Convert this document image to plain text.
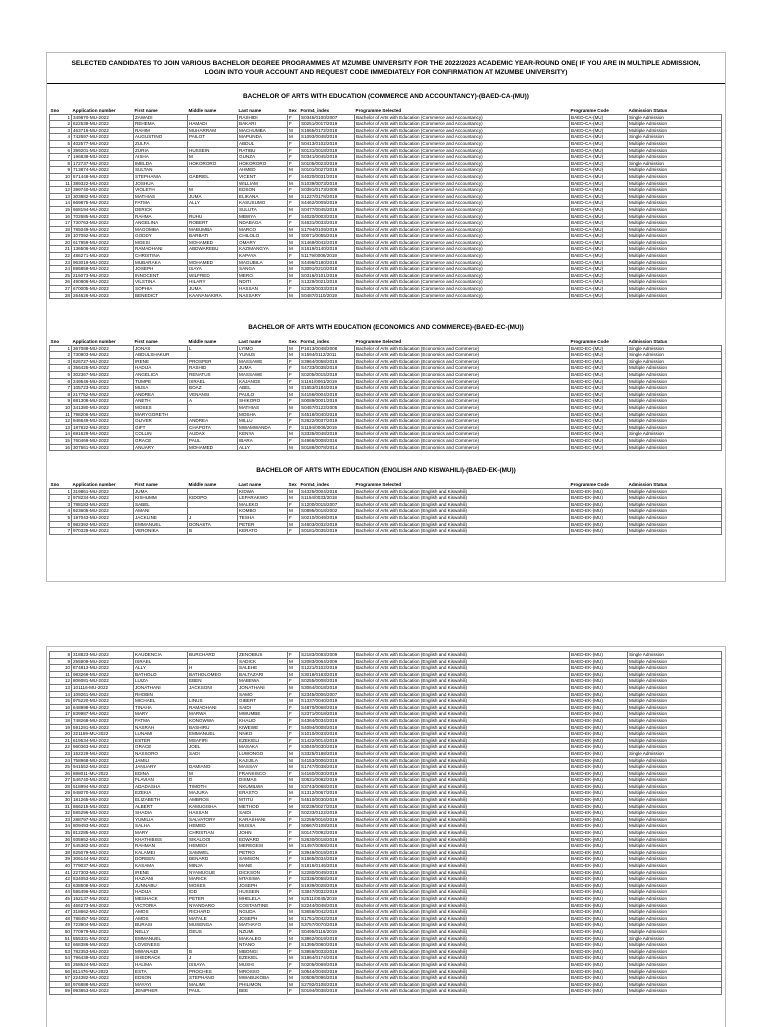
SELECTED CANDIDATES TO JOIN VARIOUS BACHELOR DEGREE PROGRAMMES AT MZUMBE UNIVERSITY FOR THE 2022/2023 ACADEMIC YEAR-ROUND ONE( IF YOU ARE IN MULTIPLE ADMISSION, LOGIN INTO YOUR ACCOUNT AND REQUEST CODE IMMEDIATELY FOR CONFIRMATION AT MZUMBE UNIVERSITY)

BACHELOR OF ARTS WITH EDUCATION (COMMERCE AND ACCOUNTANCY)-(BAED-CA-(MU))
Sno	Application number	First name	Middle name	Last name	Sex	Form4_index	Programme Selected	Programme Code	Admission Status
1	349870-MU-2022	ZAWADI		RASHIDI	F	S0345/0100/2007	Bachelor of Arts with Education (Commerce and Accountancy)	BAED-CA-(MU)	Single Admission
2	622539-MU-2022	REHEMA	HAMADI	BAKARI	F	S0251/0017/2019	Bachelor of Arts with Education (Commerce and Accountancy)	BAED-CA-(MU)	Multiple Admission
3	463716-MU-2022	RAHIM	MUHARRAM	MACHUMBA	M	S1665/0172/2018	Bachelor of Arts with Education (Commerce and Accountancy)	BAED-CA-(MU)	Multiple Admission
4	742697-MU-2022	AUGUSTINO	PAILOT	MAPUNDA	M	S1093/0048/2019	Bachelor of Arts with Education (Commerce and Accountancy)	BAED-CA-(MU)	Single Admission
5	402577-MU-2022	ZULFA		ABDUL	F	S0413/0102/2019	Bachelor of Arts with Education (Commerce and Accountancy)	BAED-CA-(MU)	Multiple Admission
6	399201-MU-2022	ZURIA	HUSSEIN	RATIBU	F	S0131/0018/2019	Bachelor of Arts with Education (Commerce and Accountancy)	BAED-CA-(MU)	Multiple Admission
7	196838-MU-2022	AISHA	M	GUNZA	F	S0341/0045/2019	Bachelor of Arts with Education (Commerce and Accountancy)	BAED-CA-(MU)	Multiple Admission
8	172737-MU-2022	IMELDA	HOKORORO	HOKORORO	F	S0105/0023/2019	Bachelor of Arts with Education (Commerce and Accountancy)	BAED-CA-(MU)	Single Admission
9	713874-MU-2022	SULTAN		AHMED	M	S0101/0027/2019	Bachelor of Arts with Education (Commerce and Accountancy)	BAED-CA-(MU)	Multiple Admission
10	571448-MU-2022	STEPHANIA	GABRIEL	VICENT	F	S4020/0031/2019	Bachelor of Arts with Education (Commerce and Accountancy)	BAED-CA-(MU)	Multiple Admission
11	389322-MU-2022	JOSHUA		WILLIAM	M	S1039/0073/2019	Bachelor of Arts with Education (Commerce and Accountancy)	BAED-CA-(MU)	Multiple Admission
12	399740-MU-2022	VIOLETH	M	EDSON	F	S0391/0173/2009	Bachelor of Arts with Education (Commerce and Accountancy)	BAED-CA-(MU)	Multiple Admission
13	303882-MU-2022	MATHIAS	JUMA	ELIKANA	M	S1227/0178/2019	Bachelor of Arts with Education (Commerce and Accountancy)	BAED-CA-(MU)	Multiple Admission
14	669875-MU-2022	FATMA	ALLY	KASUSUMO	F	S4462/0009/2019	Bachelor of Arts with Education (Commerce and Accountancy)	BAED-CA-(MU)	Multiple Admission
15	668194-MU-2022	DERICK		SULUTA	M	S0477/0045/2019	Bachelor of Arts with Education (Commerce and Accountancy)	BAED-CA-(MU)	Multiple Admission
16	702685-MU-2022	RAHMA	RUHU	MBWYA	F	S4020/0003/2019	Bachelor of Arts with Education (Commerce and Accountancy)	BAED-CA-(MU)	Multiple Admission
17	730763-MU-2022	ANGELINA	ROBERT	NDABAGA	F	S4631/0033/2019	Bachelor of Arts with Education (Commerce and Accountancy)	BAED-CA-(MU)	Multiple Admission
18	785049-MU-2022	MAGOMBA	MABUMBA	MARCO	M	S1794/0109/2019	Bachelor of Arts with Education (Commerce and Accountancy)	BAED-CA-(MU)	Multiple Admission
19	107092-MU-2022	GODDY	BARBATI	CHILOLO	M	S0071/0055/2019	Bachelor of Arts with Education (Commerce and Accountancy)	BAED-CA-(MU)	Multiple Admission
20	617859-MU-2022	MGESI	MOHAMED	OMARY	M	S1469/0042/2019	Bachelor of Arts with Education (Commerce and Accountancy)	BAED-CA-(MU)	Multiple Admission
21	136506-MU-2022	RAMADHANI	ABDWAREBU	KAZIMANGYA	M	S1619/0140/2019	Bachelor of Arts with Education (Commerce and Accountancy)	BAED-CA-(MU)	Multiple Admission
22	486271-MU-2022	CHRISTINA		KAPAYA	F	S1179/0006/2019	Bachelor of Arts with Education (Commerce and Accountancy)	BAED-CA-(MU)	Multiple Admission
23	963019-MU-2022	MUBARAKA	MOHAMED	MAGUBILA	M	S4496/0180/2018	Bachelor of Arts with Education (Commerce and Accountancy)	BAED-CA-(MU)	Multiple Admission
24	886859-MU-2022	JOSEPH	ISAYA	SANGA	M	S3091/0210/2018	Bachelor of Arts with Education (Commerce and Accountancy)	BAED-CA-(MU)	Multiple Admission
25	215073-MU-2022	INNOCENT	WILFRED	MERO	M	S0316/0101/2019	Bachelor of Arts with Education (Commerce and Accountancy)	BAED-CA-(MU)	Multiple Admission
26	490806-MU-2022	VILSTINA	HILARY	NDITI	F	S1329/0021/2019	Bachelor of Arts with Education (Commerce and Accountancy)	BAED-CA-(MU)	Multiple Admission
27	670005-MU-2022	SOPHIA	JUMA	HASSAN	F	S2303/0033/2019	Bachelor of Arts with Education (Commerce and Accountancy)	BAED-CA-(MU)	Multiple Admission
28	264626-MU-2022	BENEDICT	KAANANAKIRA	NASSARY	M	S0487/0110/2019	Bachelor of Arts with Education (Commerce and Accountancy)	BAED-CA-(MU)	Multiple Admission
BACHELOR OF ARTS WITH EDUCATION (ECONOMICS AND COMMERCE)-(BAED-EC-(MU))
Sno	Application number	First name	Middle name	Last name	Sex	Form4_index	Programme Selected	Programme Code	Admission Status
1	367088-MU-2022	JONAS	L	LYIMO	M	P1613/0048/2008	Bachelor of Arts with Education (Economics and Commerce)	BAED-EC-(MU)	Single Admission
2	730803-MU-2022	ABDULSHAKUR		YUNUS	M	S1594/0112/2011	Bachelor of Arts with Education (Economics and Commerce)	BAED-EC-(MU)	Single Admission
3	626727-MU-2022	IRENE	PROSPER	MASSAWE	F	S3964/0058/2019	Bachelor of Arts with Education (Economics and Commerce)	BAED-EC-(MU)	Single Admission
4	356425-MU-2022	HADIJA	RASHID	JUMA	F	S4733/0038/2019	Bachelor of Arts with Education (Economics and Commerce)	BAED-EC-(MU)	Multiple Admission
5	302367-MU-2022	ANGELICA	RENATUS	MASSAWE	F	S0205/0015/2019	Bachelor of Arts with Education (Economics and Commerce)	BAED-EC-(MU)	Multiple Admission
6	249546-MU-2022	TUMPE	ISRAEL	KAJANGE	F	S1161/0061/2019	Bachelor of Arts with Education (Economics and Commerce)	BAED-EC-(MU)	Multiple Admission
7	105723-MU-2022	MUSA	BOAZ	ABEL	M	S1653/0184/2019	Bachelor of Arts with Education (Economics and Commerce)	BAED-EC-(MU)	Multiple Admission
8	217752-MU-2022	ANDREA	VENANSI	PAULO	M	S4156/0004/2019	Bachelor of Arts with Education (Economics and Commerce)	BAED-EC-(MU)	Multiple Admission
9	681308-MU-2022	ANETH	A	SHIKORO	F	S0089/0001/2019	Bachelor of Arts with Education (Economics and Commerce)	BAED-EC-(MU)	Multiple Admission
10	341380-MU-2022	MOSES		MATHIAS	M	S0457/0122/2005	Bachelor of Arts with Education (Economics and Commerce)	BAED-EC-(MU)	Multiple Admission
11	798206-MU-2022	MARYGORETH		MOSHA	F	S4518/0040/2018	Bachelor of Arts with Education (Economics and Commerce)	BAED-EC-(MU)	Multiple Admission
12	946649-MU-2022	OLIVER	ANDREA	MILLU	F	S2622/0037/2019	Bachelor of Arts with Education (Economics and Commerce)	BAED-EC-(MU)	Multiple Admission
13	187822-MU-2022	GIFT	CHAPOTA	MWAMWANDA	F	S1194/0006/2019	Bachelor of Arts with Education (Economics and Commerce)	BAED-EC-(MU)	Multiple Admission
14	691629-MU-2022	COLLIN	AUDAX	KENYA	M	S3335/0048/2019	Bachelor of Arts with Education (Economics and Commerce)	BAED-EC-(MU)	Single Admission
15	760469-MU-2022	GRACE	PAUL	IBARA	F	S4966/0008/2016	Bachelor of Arts with Education (Economics and Commerce)	BAED-EC-(MU)	Multiple Admission
16	307561-MU-2022	ANUARY	MOHAMED	ALLY	M	S0188/0078/2014	Bachelor of Arts with Education (Economics and Commerce)	BAED-EC-(MU)	Multiple Admission
BACHELOR OF ARTS WITH EDUCATION (ENGLISH AND KISWAHILI)-(BAED-EK-(MU))
Sno	Application number	First name	Middle name	Last name	Sex	Form4_index	Programme Selected	Programme Code	Admission Status
1	319861-MU-2022	JUMA		KIDWA	M	S4325/0004/2018	Bachelor of Arts with Education (English and Kiswahili)	BAED-EK-(MU)	Multiple Admission
2	978234-MU-2022	KISHUMM	KIDOPO	LEPARAKWO	M	S1154/0033/2018	Bachelor of Arts with Education (English and Kiswahili)	BAED-EK-(MU)	Multiple Admission
3	788183-MU-2022	SABEL		MALEKO	F	S1200/0015/2007	Bachelor of Arts with Education (English and Kiswahili)	BAED-EK-(MU)	Multiple Admission
4	923605-MU-2022	AMANI		KOMBO	M	S0895/0018/2002	Bachelor of Arts with Education (English and Kiswahili)	BAED-EK-(MU)	Multiple Admission
5	197043-MU-2022	JACKLINE	J	TESHA	F	S0210/0049/2019	Bachelor of Arts with Education (English and Kiswahili)	BAED-EK-(MU)	Multiple Admission
6	982392-MU-2022	EMMANUEL	DONASTA	PETER	M	S4603/0032/2019	Bachelor of Arts with Education (English and Kiswahili)	BAED-EK-(MU)	Multiple Admission
7	970329-MU-2022	VERONIKA	B	KERATO	F	S0181/0035/2019	Bachelor of Arts with Education (English and Kiswahili)	BAED-EK-(MU)	Multiple Admission
8	318823-MU-2022	KAUDENCIA	BURCHARD	ZENOBIUS	F	S2183/0083/2009	Bachelor of Arts with Education (English and Kiswahili)	BAED-EK-(MU)	Single Admission
9	255909-MU-2022	ISRAEL		SADICK	M	S2083/0064/2009	Bachelor of Arts with Education (English and Kiswahili)	BAED-EK-(MU)	Multiple Admission
10	874813-MU-2022	ALLY	H	SALEHE	M	S1221/0102/2019	Bachelor of Arts with Education (English and Kiswahili)	BAED-EK-(MU)	Multiple Admission
11	983266-MU-2022	BATHOLO	BATHOLOMEO	BALTAZARI	M	S3018/0163/2019	Bachelor of Arts with Education (English and Kiswahili)	BAED-EK-(MU)	Multiple Admission
12	806081-MU-2022	LUIZA	EBEN	MABEWA	F	S0255/0008/2019	Bachelor of Arts with Education (English and Kiswahili)	BAED-EK-(MU)	Multiple Admission
13	101116-MU-2022	JONATHANI	JACKSONI	JONATHANI	M	S3064/0018/2019	Bachelor of Arts with Education (English and Kiswahili)	BAED-EK-(MU)	Multiple Admission
14	109261-MU-2022	RHOBIN		SAMO	F	S2345/0006/2007	Bachelor of Arts with Education (English and Kiswahili)	BAED-EK-(MU)	Multiple Admission
15	975220-MU-2022	MICHAEL	LINUS	GIBERT	M	S1337/0040/2019	Bachelor of Arts with Education (English and Kiswahili)	BAED-EK-(MU)	Multiple Admission
16	648998-MU-2022	TINAHA	RAMADHANI	SAIDI	F	S4870/0068/2019	Bachelor of Arts with Education (English and Kiswahili)	BAED-EK-(MU)	Multiple Admission
17	839987-MU-2022	MARY	MARWA	MWUMBE	F	S2371/0018/2019	Bachelor of Arts with Education (English and Kiswahili)	BAED-EK-(MU)	Multiple Admission
18	748268-MU-2022	FATMA	KONGWWA	KHALID	F	S4364/0034/2019	Bachelor of Arts with Education (English and Kiswahili)	BAED-EK-(MU)	Multiple Admission
19	591291-MU-2022	NASRAH	BASHIRU	KIWEWE	F	S4094/0008/2019	Bachelor of Arts with Education (English and Kiswahili)	BAED-EK-(MU)	Multiple Admission
20	321159-MU-2022	LUNAMI	EMMANUEL	NNKO	F	S1010/0033/2019	Bachelor of Arts with Education (English and Kiswahili)	BAED-EK-(MU)	Multiple Admission
21	619534-MU-2022	ESTER	MSAFIRI	EZEKIELI	F	S1422/0014/2019	Bachelor of Arts with Education (English and Kiswahili)	BAED-EK-(MU)	Multiple Admission
22	960363-MU-2022	GRACE	JOEL	MASAKA	F	S3040/0030/2019	Bachelor of Arts with Education (English and Kiswahili)	BAED-EK-(MU)	Multiple Admission
23	152229-MU-2022	NASSORO	SADI	LUWONGO	M	S3325/0188/2019	Bachelor of Arts with Education (English and Kiswahili)	BAED-EK-(MU)	Single Admission
24	758968-MU-2022	JAMILI		KAJIJILA	M	S4153/0006/2019	Bachelor of Arts with Education (English and Kiswahili)	BAED-EK-(MU)	Multiple Admission
25	941552-MU-2022	JANUARY	DAMIANO	MASSAY	M	S1747/0038/2019	Bachelor of Arts with Education (English and Kiswahili)	BAED-EK-(MU)	Multiple Admission
26	888011-MU-2022	EDINA	M	FRANSISCO	F	S4160/0030/2019	Bachelor of Arts with Education (English and Kiswahili)	BAED-EK-(MU)	Multiple Admission
27	546740-MU-2022	FLAVIAN	D	DISMAS	M	S0631/0082/2019	Bachelor of Arts with Education (English and Kiswahili)	BAED-EK-(MU)	Multiple Admission
28	518994-MU-2022	ADADASHA	TIMOTH	NKUMILWA	M	S3743/0068/2019	Bachelor of Arts with Education (English and Kiswahili)	BAED-EK-(MU)	Multiple Admission
29	948070-MU-2022	EZEKIA	MAJURA	ERASTO	M	S1312/0067/2019	Bachelor of Arts with Education (English and Kiswahili)	BAED-EK-(MU)	Multiple Admission
30	181265-MU-2022	ELIZABETH	AMBROS	MTITU	F	S4510/0030/2019	Bachelor of Arts with Education (English and Kiswahili)	BAED-EK-(MU)	Multiple Admission
31	866215-MU-2022	ALBERT	KAMUGISHA	METHOD	M	S0239/0027/2019	Bachelor of Arts with Education (English and Kiswahili)	BAED-EK-(MU)	Multiple Admission
32	585296-MU-2022	SHADIA	HASSAN	SAIDI	F	S0233/0122/2019	Bachelor of Arts with Education (English and Kiswahili)	BAED-EK-(MU)	Multiple Admission
33	288797-MU-2022	YUMILIA	SALVATORY	KARASHANI	F	S2258/0016/2019	Bachelor of Arts with Education (English and Kiswahili)	BAED-EK-(MU)	Multiple Admission
34	809493-MU-2022	SALHA	HEMED	MUSSA	F	S0667/0108/2019	Bachelor of Arts with Education (English and Kiswahili)	BAED-EK-(MU)	Multiple Admission
35	812285-MU-2022	MARY	CHRISTIAN	JOHN	F	S0147/0092/2019	Bachelor of Arts with Education (English and Kiswahili)	BAED-EK-(MU)	Multiple Admission
36	935952-MU-2022	KHATHIBISS	SIKALOOI	EDWARD	F	S2630/0018/2019	Bachelor of Arts with Education (English and Kiswahili)	BAED-EK-(MU)	Multiple Admission
37	545362-MU-2022	RAHMAN	HEMEDI	MEREGESI	M	S1497/0058/2019	Bachelor of Arts with Education (English and Kiswahili)	BAED-EK-(MU)	Multiple Admission
38	625079-MU-2022	KALAMEI	SAMWEL	PETRO	F	S3949/0019/2019	Bachelor of Arts with Education (English and Kiswahili)	BAED-EK-(MU)	Multiple Admission
39	306144-MU-2022	DOREEN	BENARD	SAMSON	F	S1665/0034/2019	Bachelor of Arts with Education (English and Kiswahili)	BAED-EK-(MU)	Multiple Admission
40	779037-MU-2022	KASAMA	MINJA	MANE	F	S1816/0146/2019	Bachelor of Arts with Education (English and Kiswahili)	BAED-EK-(MU)	Multiple Admission
41	227303-MU-2022	IRENE	NYAMUGUE	DICKSON	F	S2280/0049/2019	Bachelor of Arts with Education (English and Kiswahili)	BAED-EK-(MU)	Multiple Admission
42	534053-MU-2022	HAZIANI	MARICK	MTASIWA	F	S2336/0058/2019	Bachelor of Arts with Education (English and Kiswahili)	BAED-EK-(MU)	Multiple Admission
43	638508-MU-2022	JUNNABU	MOSES	JOSEPH	F	S1939/0028/2019	Bachelor of Arts with Education (English and Kiswahili)	BAED-EK-(MU)	Multiple Admission
44	595496-MU-2022	HADIJA	IDD	HUSSEIN	F	S3847/0032/2019	Bachelor of Arts with Education (English and Kiswahili)	BAED-EK-(MU)	Multiple Admission
45	152137-MU-2022	MESHACK	PETER	MHELELA	M	S2511/0045/2019	Bachelor of Arts with Education (English and Kiswahili)	BAED-EK-(MU)	Multiple Admission
46	466273-MU-2022	VICTORIA	NYANDARO	COSTANTINE	F	S2244/0048/2019	Bachelor of Arts with Education (English and Kiswahili)	BAED-EK-(MU)	Multiple Admission
47	318662-MU-2022	AMOS	RICHARD	NGUDA	M	S3656/0042/2019	Bachelor of Arts with Education (English and Kiswahili)	BAED-EK-(MU)	Multiple Admission
48	788457-MU-2022	AMOS	MATALE	JOSEPH	M	S1751/0042/2019	Bachelor of Arts with Education (English and Kiswahili)	BAED-EK-(MU)	Multiple Admission
49	723904-MU-2022	BURASI	MUSENGA	MATHAYO	M	S3757/0070/2019	Bachelor of Arts with Education (English and Kiswahili)	BAED-EK-(MU)	Multiple Admission
50	770979-MU-2022	NELLY	DEUS	NZUMI	F	S0495/0116/2019	Bachelor of Arts with Education (English and Kiswahili)	BAED-EK-(MU)	Multiple Admission
51	555331-MU-2022	EMMANUEL		MAKALEO	M	S3862/0019/2019	Bachelor of Arts with Education (English and Kiswahili)	BAED-EK-(MU)	Single Admission
52	668386-MU-2022	LOVENESS		NTANO	F	S1395/0080/2019	Bachelor of Arts with Education (English and Kiswahili)	BAED-EK-(MU)	Multiple Admission
53	782353-MU-2022	MWANAIDI	B	MBONGI	F	S3956/0033/2019	Bachelor of Arts with Education (English and Kiswahili)	BAED-EK-(MU)	Multiple Admission
54	796439-MU-2022	SHEDRACK	J	EZEKIEL	M	S1864/0174/2019	Bachelor of Arts with Education (English and Kiswahili)	BAED-EK-(MU)	Multiple Admission
55	258524-MU-2022	HALIMA	ISSAYA	MUSHI	F	S0205/0069/2019	Bachelor of Arts with Education (English and Kiswahili)	BAED-EK-(MU)	Multiple Admission
56	811476-MU-2022	ESTA	PROCHES	MROSSO	F	S0544/0048/2019	Bachelor of Arts with Education (English and Kiswahili)	BAED-EK-(MU)	Multiple Admission
57	224382-MU-2022	EDSON	STEPHANO	MWABUKOBA	M	S0509/0096/2019	Bachelor of Arts with Education (English and Kiswahili)	BAED-EK-(MU)	Multiple Admission
58	976888-MU-2022	MAYAYI	MALIMI	PHILIMON	M	S2792/0108/2019	Bachelor of Arts with Education (English and Kiswahili)	BAED-EK-(MU)	Multiple Admission
59	993853-MU-2022	JENIPHER	PAUL	BEE	F	S0194/0038/2019	Bachelor of Arts with Education (English and Kiswahili)	BAED-EK-(MU)	Multiple Admission
